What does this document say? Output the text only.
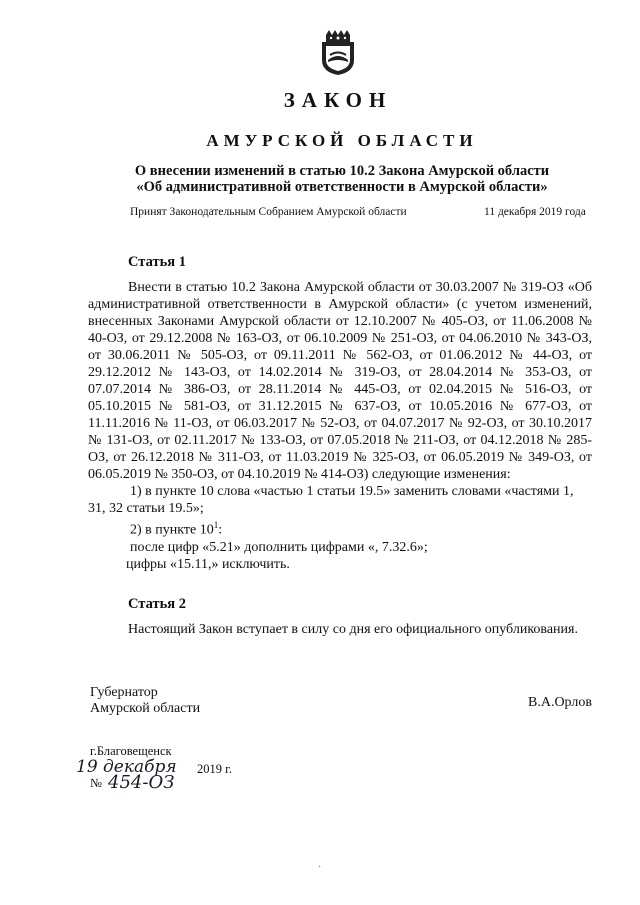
ЗАКОН
АМУРСКОЙ ОБЛАСТИ
О внесении изменений в статью 10.2 Закона Амурской области
«Об административной ответственности в Амурской области»
Принят Законодательным Собранием Амурской области	11 декабря 2019 года
Статья 1
Внести в статью 10.2 Закона Амурской области от 30.03.2007 № 319-ОЗ «Об административной ответственности в Амурской области» (с учетом изменений, внесенных Законами Амурской области от 12.10.2007 № 405-ОЗ, от 11.06.2008 № 40-ОЗ, от 29.12.2008 № 163-ОЗ, от 06.10.2009 № 251-ОЗ, от 04.06.2010 № 343-ОЗ, от 30.06.2011 № 505-ОЗ, от 09.11.2011 № 562-ОЗ, от 01.06.2012 № 44-ОЗ, от 29.12.2012 № 143-ОЗ, от 14.02.2014 № 319-ОЗ, от 28.04.2014 № 353-ОЗ, от 07.07.2014 № 386-ОЗ, от 28.11.2014 № 445-ОЗ, от 02.04.2015 № 516-ОЗ, от 05.10.2015 № 581-ОЗ, от 31.12.2015 № 637-ОЗ, от 10.05.2016 № 677-ОЗ, от 11.11.2016 № 11-ОЗ, от 06.03.2017 № 52-ОЗ, от 04.07.2017 № 92-ОЗ, от 30.10.2017 № 131-ОЗ, от 02.11.2017 № 133-ОЗ, от 07.05.2018 № 211-ОЗ, от 04.12.2018 № 285-ОЗ, от 26.12.2018 № 311-ОЗ, от 11.03.2019 № 325-ОЗ, от 06.05.2019 № 349-ОЗ, от 06.05.2019 № 350-ОЗ, от 04.10.2019 № 414-ОЗ) следующие изменения:
1) в пункте 10 слова «частью 1 статьи 19.5» заменить словами «частями 1,
31, 32 статьи 19.5»;
2) в пункте $10^1$:
после цифр «5.21» дополнить цифрами «, 7.32.6»;
цифры «15.11,» исключить.
Статья 2
Настоящий Закон вступает в силу со дня его официального опубликования.
Губернатор
Амурской области	В.А.Орлов
г.Благовещенск
19 декабря 2019 г.
№ 454-ОЗ
·
